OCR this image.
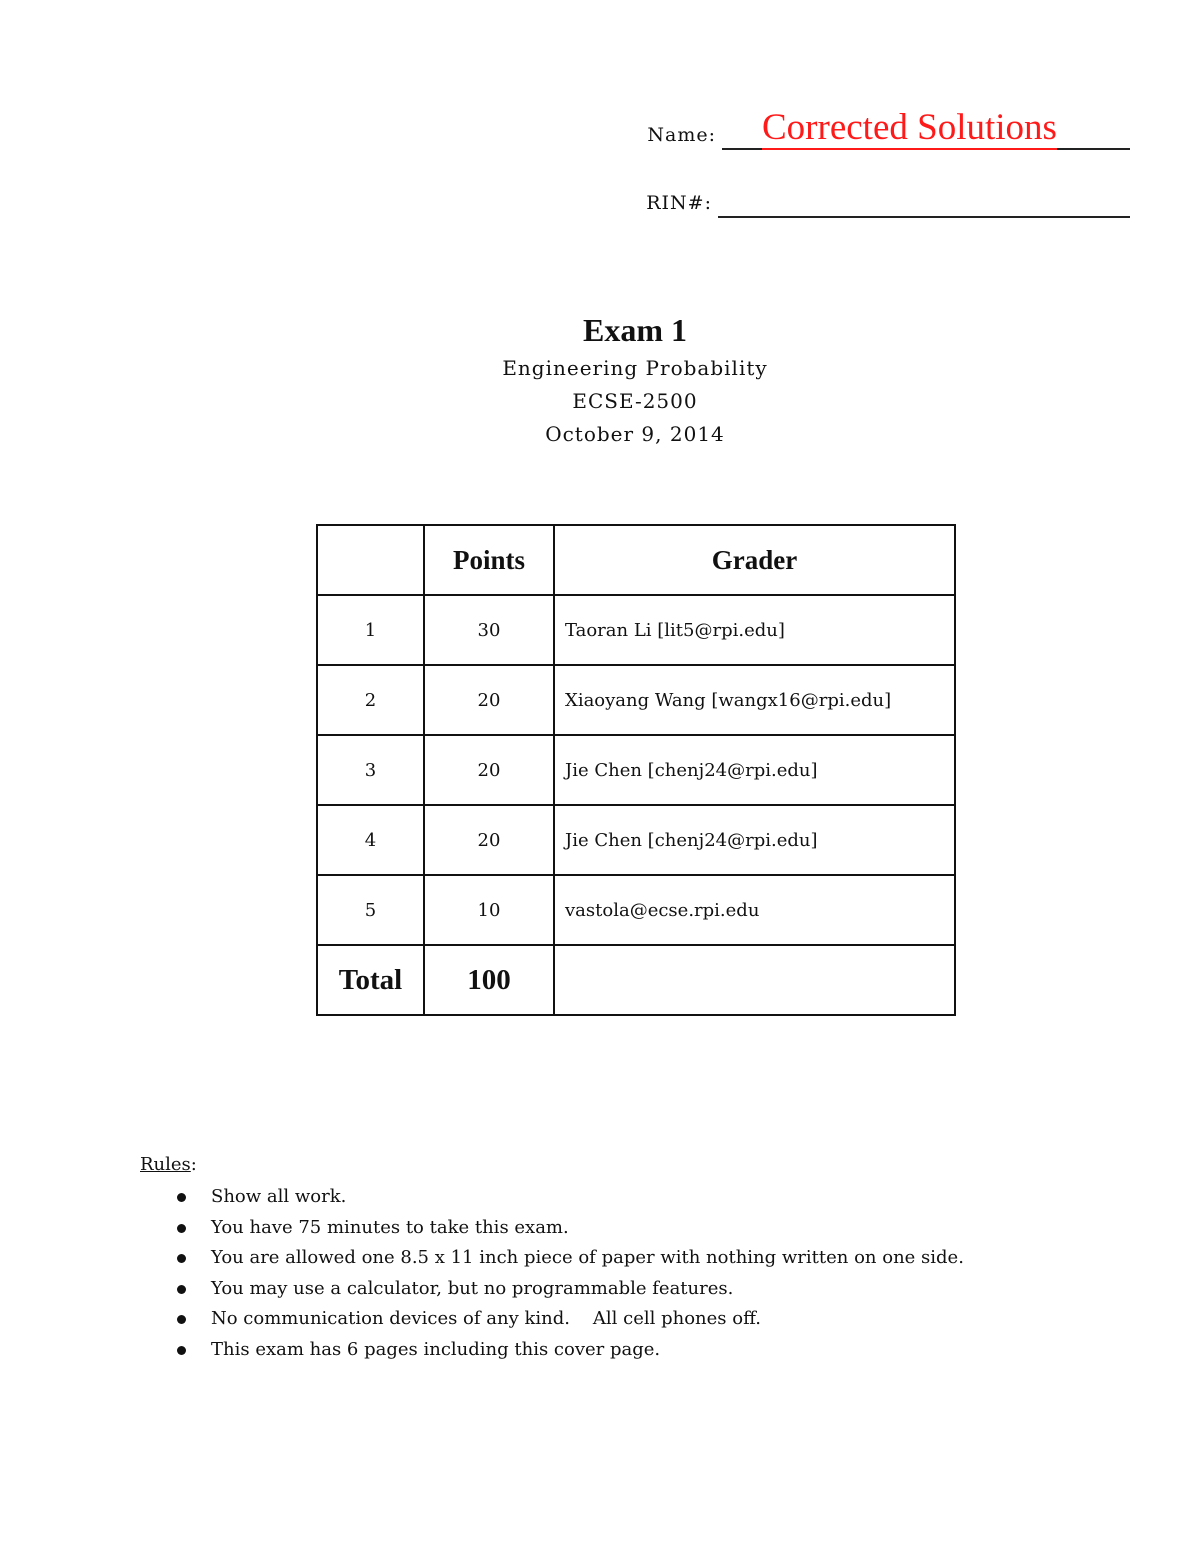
Name: Corrected Solutions
RIN#:

Exam 1

Engineering Probability

ECSE-2500

October 9, 2014

	Points	Grader
1	30	Taoran Li [lit5@rpi.edu]
2	20	Xiaoyang Wang [wangx16@rpi.edu]
3	20	Jie Chen [chenj24@rpi.edu]
4	20	Jie Chen [chenj24@rpi.edu]
5	10	vastola@ecse.rpi.edu
Total	100	

Rules:

Show all work.
You have 75 minutes to take this exam.
You are allowed one 8.5 x 11 inch piece of paper with nothing written on one side.
You may use a calculator, but no programmable features.
No communication devices of any kind.    All cell phones off.
This exam has 6 pages including this cover page.
